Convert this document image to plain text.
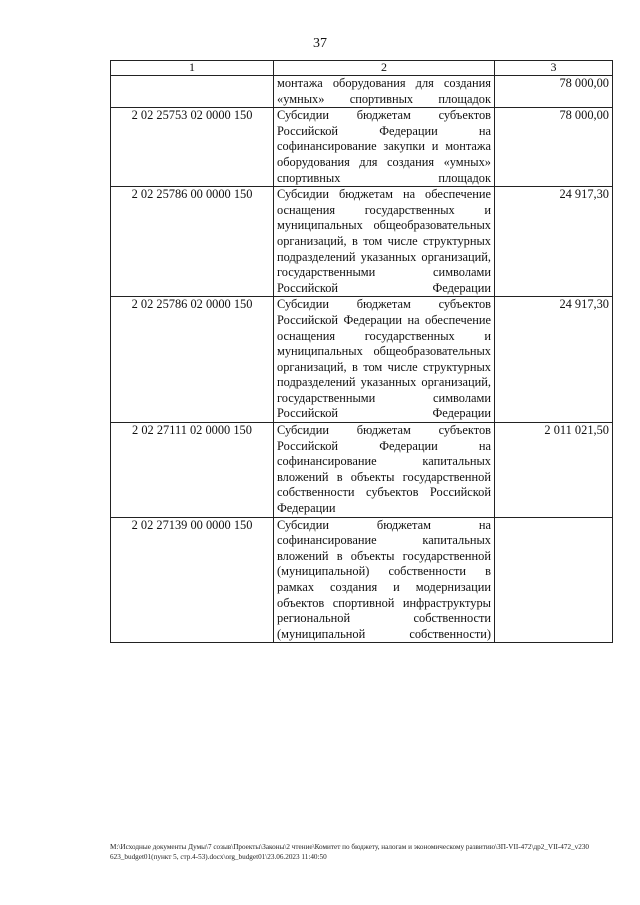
37
1	2	3
	монтажа оборудования для создания «умных» спортивных площадок	78 000,00
2 02 25753 02 0000 150	Субсидии бюджетам субъектов Российской Федерации на софинансирование закупки и монтажа оборудования для создания «умных» спортивных площадок	78 000,00
2 02 25786 00 0000 150	Субсидии бюджетам на обеспечение оснащения государственных и муниципальных общеобразовательных организаций, в том числе структурных подразделений указанных организаций, государственными символами Российской Федерации	24 917,30
2 02 25786 02 0000 150	Субсидии бюджетам субъектов Российской Федерации на обеспечение оснащения государственных и муниципальных общеобразовательных организаций, в том числе структурных подразделений указанных организаций, государственными символами Российской Федерации	24 917,30
2 02 27111 02 0000 150	Субсидии бюджетам субъектов Российской Федерации на софинансирование капитальных вложений в объекты государственной собственности субъектов Российской Федерации	2 011 021,50
2 02 27139 00 0000 150	Субсидии бюджетам на софинансирование капитальных вложений в объекты государственной (муниципальной) собственности в рамках создания и модернизации объектов спортивной инфраструктуры региональной собственности (муниципальной собственности)	
M:\Исходные документы Думы\7 созыв\Проекты\Законы\2 чтение\Комитет по бюджету, налогам и экономическому развитию\ЗП-VII-472\др2_VII-472_v230623_budget01(пункт 5, стр.4-53).docx\org_budget01\23.06.2023 11:40:50
